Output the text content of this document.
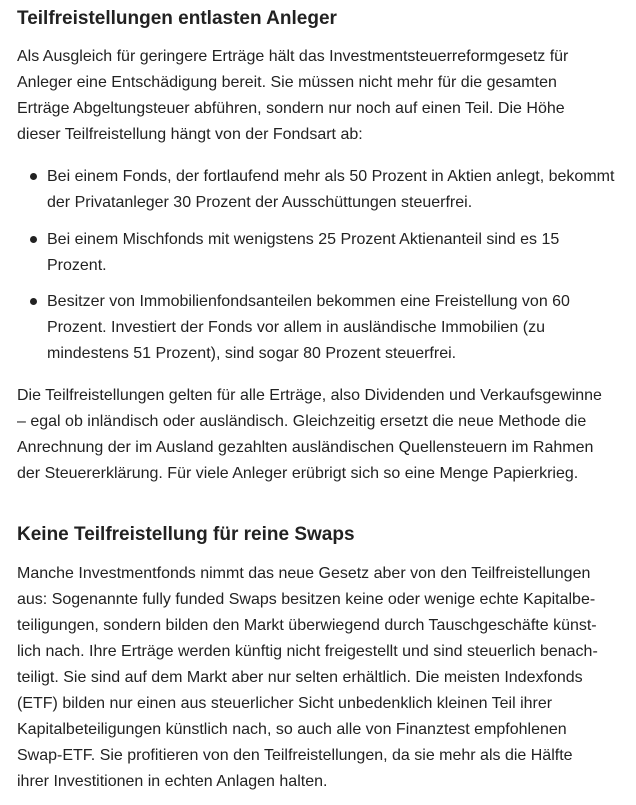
Teilfreistellungen entlasten Anleger

Als Ausgleich für geringere Erträge hält das Investmentsteuerreformgesetz für
Anleger eine Entschädigung bereit. Sie müssen nicht mehr für die gesamten
Erträge Abgeltungsteuer abführen, sondern nur noch auf einen Teil. Die Höhe
dieser Teilfreistellung hängt von der Fondsart ab:

Bei einem Fonds, der fortlaufend mehr als 50 Prozent in Aktien anlegt, bekommt
der Privatanleger 30 Prozent der Ausschüttungen steuerfrei.
Bei einem Mischfonds mit wenigstens 25 Prozent Aktienanteil sind es 15
Prozent.
Besitzer von Immobilienfondsanteilen bekommen eine Freistellung von 60
Prozent. Investiert der Fonds vor allem in ausländische Immobilien (zu
mindestens 51 Prozent), sind sogar 80 Prozent steuerfrei.

Die Teilfreistellungen gelten für alle Erträge, also Dividenden und Verkaufsgewinne
– egal ob inländisch oder ausländisch. Gleichzeitig ersetzt die neue Methode die
Anrechnung der im Ausland gezahlten ausländischen Quellensteuern im Rahmen
der Steuererklärung. Für viele Anleger erübrigt sich so eine Menge Papierkrieg.

Keine Teilfreistellung für reine Swaps

Manche Investmentfonds nimmt das neue Gesetz aber von den Teilfreistellungen
aus: Sogenannte fully funded Swaps besitzen keine oder wenige echte Kapitalbe-
teiligungen, sondern bilden den Markt überwiegend durch Tauschgeschäfte künst-
lich nach. Ihre Erträge werden künftig nicht freigestellt und sind steuerlich benach-
teiligt. Sie sind auf dem Markt aber nur selten erhältlich. Die meisten Indexfonds
(ETF) bilden nur einen aus steuerlicher Sicht unbedenklich kleinen Teil ihrer
Kapitalbeteiligungen künstlich nach, so auch alle von Finanztest empfohlenen
Swap-ETF. Sie profitieren von den Teilfreistellungen, da sie mehr als die Hälfte
ihrer Investitionen in echten Anlagen halten.
